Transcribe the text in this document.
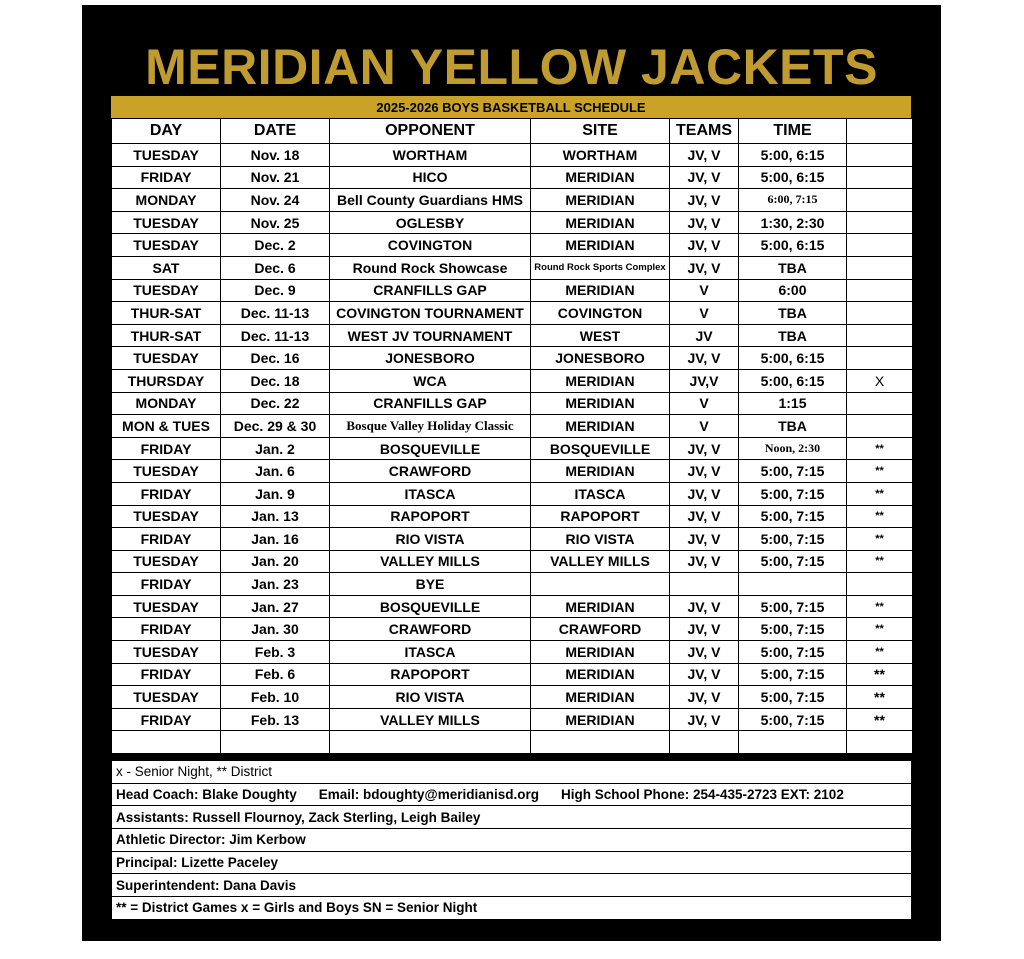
MERIDIAN YELLOW JACKETS
2025-2026 BOYS BASKETBALL SCHEDULE
DAY	DATE	OPPONENT	SITE	TEAMS	TIME	
TUESDAY	Nov. 18	WORTHAM	WORTHAM	JV, V	5:00, 6:15	
FRIDAY	Nov. 21	HICO	MERIDIAN	JV, V	5:00, 6:15	
MONDAY	Nov. 24	Bell County Guardians HMS	MERIDIAN	JV, V	6:00, 7:15	
TUESDAY	Nov. 25	OGLESBY	MERIDIAN	JV, V	1:30, 2:30	
TUESDAY	Dec. 2	COVINGTON	MERIDIAN	JV, V	5:00, 6:15	
SAT	Dec. 6	Round Rock Showcase	Round Rock Sports Complex	JV, V	TBA	
TUESDAY	Dec. 9	CRANFILLS GAP	MERIDIAN	V	6:00	
THUR-SAT	Dec. 11-13	COVINGTON TOURNAMENT	COVINGTON	V	TBA	
THUR-SAT	Dec. 11-13	WEST JV TOURNAMENT	WEST	JV	TBA	
TUESDAY	Dec. 16	JONESBORO	JONESBORO	JV, V	5:00, 6:15	
THURSDAY	Dec. 18	WCA	MERIDIAN	JV,V	5:00, 6:15	X
MONDAY	Dec. 22	CRANFILLS GAP	MERIDIAN	V	1:15	
MON & TUES	Dec. 29 & 30	Bosque Valley Holiday Classic	MERIDIAN	V	TBA	
FRIDAY	Jan. 2	BOSQUEVILLE	BOSQUEVILLE	JV, V	Noon, 2:30	**
TUESDAY	Jan. 6	CRAWFORD	MERIDIAN	JV, V	5:00, 7:15	**
FRIDAY	Jan. 9	ITASCA	ITASCA	JV, V	5:00, 7:15	**
TUESDAY	Jan. 13	RAPOPORT	RAPOPORT	JV, V	5:00, 7:15	**
FRIDAY	Jan. 16	RIO VISTA	RIO VISTA	JV, V	5:00, 7:15	**
TUESDAY	Jan. 20	VALLEY MILLS	VALLEY MILLS	JV, V	5:00, 7:15	**
FRIDAY	Jan. 23	BYE				
TUESDAY	Jan. 27	BOSQUEVILLE	MERIDIAN	JV, V	5:00, 7:15	**
FRIDAY	Jan. 30	CRAWFORD	CRAWFORD	JV, V	5:00, 7:15	**
TUESDAY	Feb. 3	ITASCA	MERIDIAN	JV, V	5:00, 7:15	**
FRIDAY	Feb. 6	RAPOPORT	MERIDIAN	JV, V	5:00, 7:15	**
TUESDAY	Feb. 10	RIO VISTA	MERIDIAN	JV, V	5:00, 7:15	**
FRIDAY	Feb. 13	VALLEY MILLS	MERIDIAN	JV, V	5:00, 7:15	**

x - Senior Night, ** District
Head Coach: Blake Doughty Email: bdoughty@meridianisd.org High School Phone: 254-435-2723 EXT: 2102
Assistants: Russell Flournoy, Zack Sterling, Leigh Bailey
Athletic Director: Jim Kerbow
Principal: Lizette Paceley
Superintendent: Dana Davis
** = District Games x = Girls and Boys SN = Senior Night
